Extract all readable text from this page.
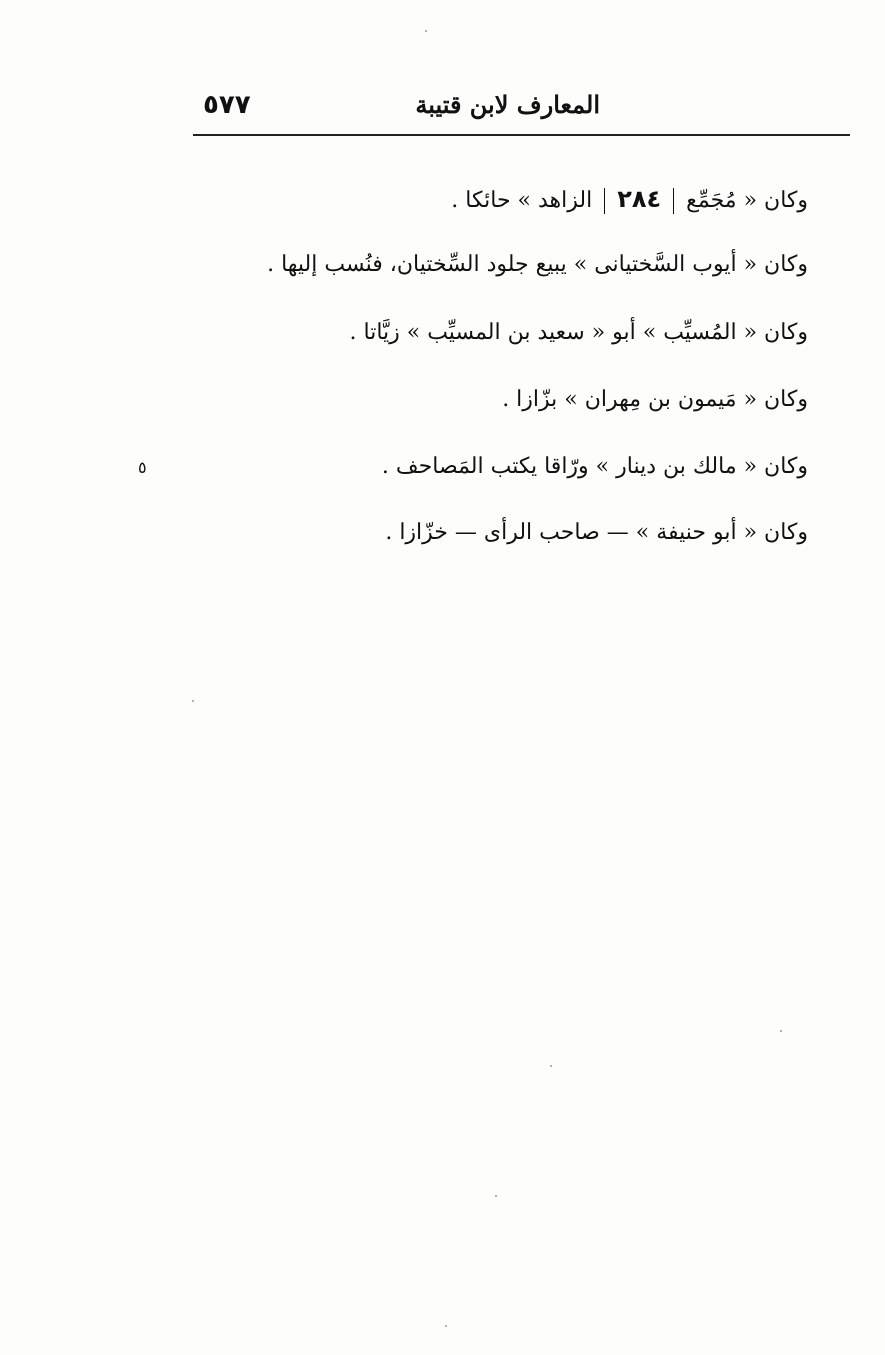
٥٧٧	المعارف لابن قتيبة
وكان « مُجَمِّع٢٨٤الزاهد » حائكا .
وكان « أيوب السَّختيانى » يبيع جلود السِّختيان، فنُسب إليها .
وكان « المُسيِّب » أبو « سعيد بن المسيِّب » زيَّاتا .
وكان « مَيمون بن مِهران » بزّازا .
وكان « مالك بن دينار » ورّاقا يكتب المَصاحف .
وكان « أبو حنيفة » — صاحب الرأى — خزّازا .
٥
